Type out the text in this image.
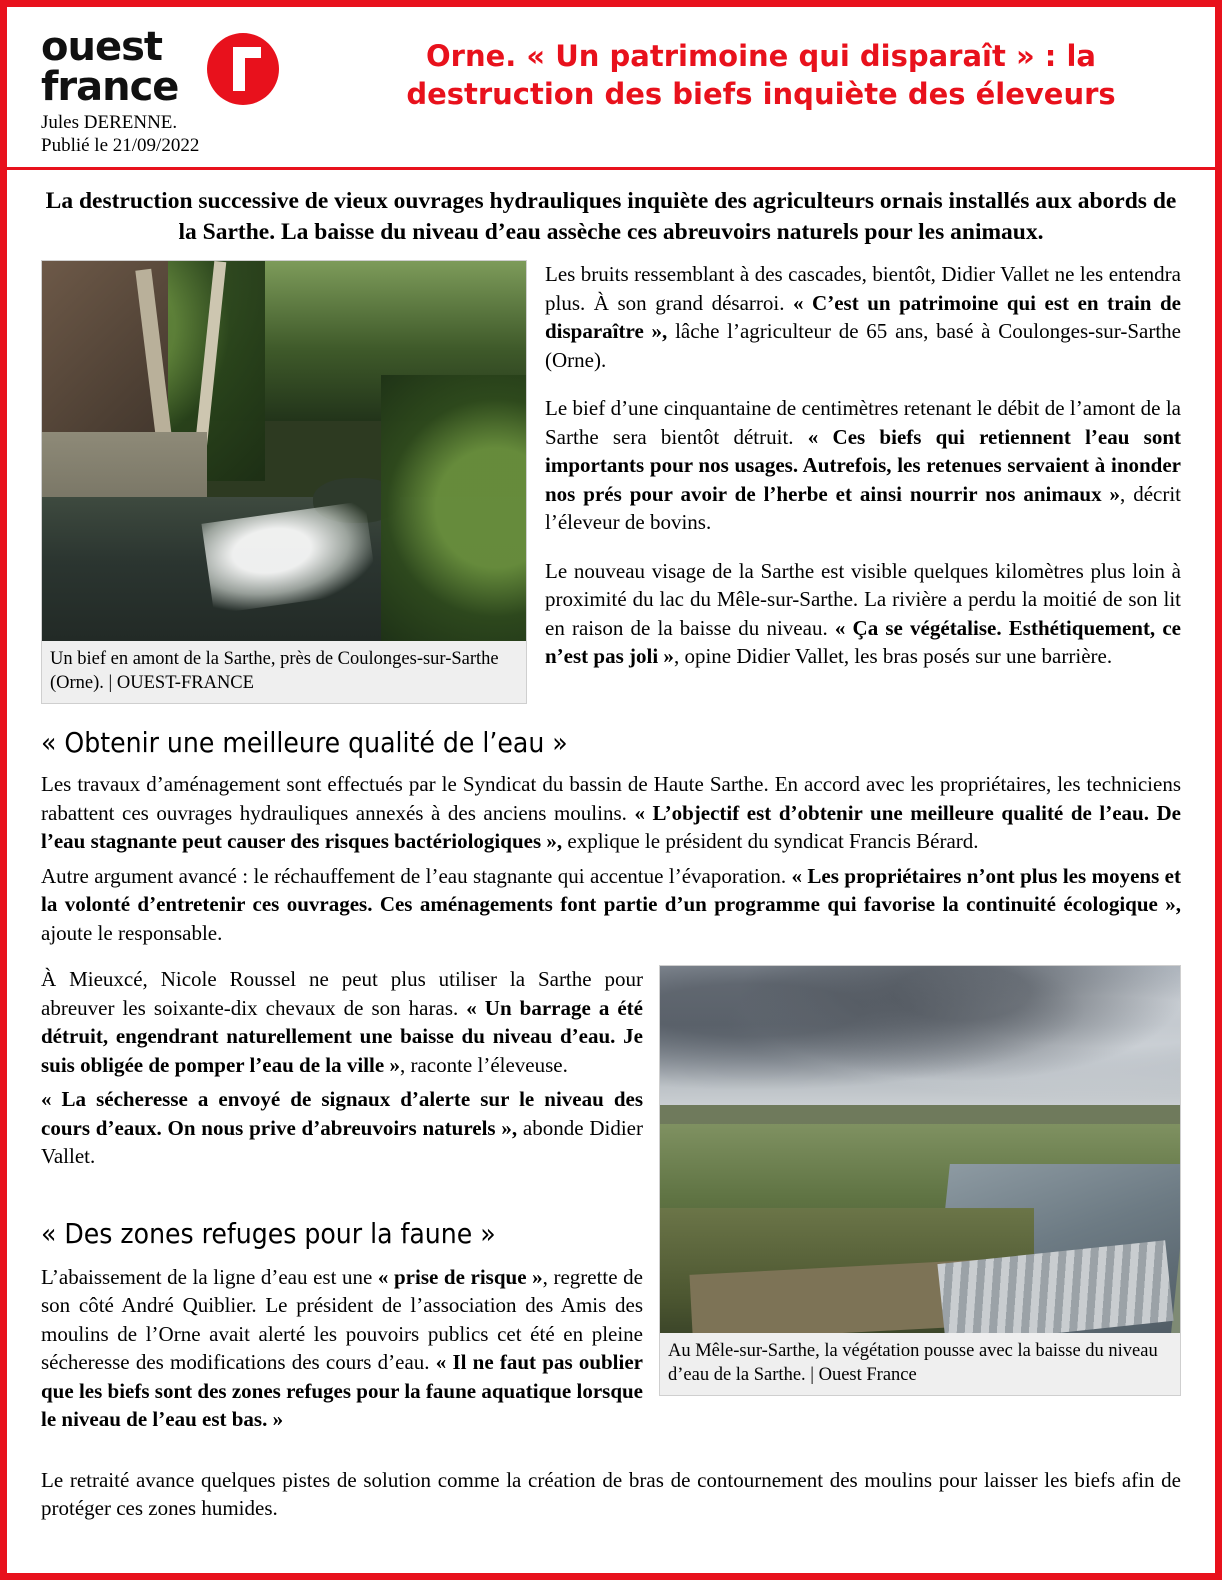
ouest
france
Jules DERENNE.
Publié le 21/09/2022
Orne. « Un patrimoine qui disparaît » : la destruction des biefs inquiète des éleveurs
La destruction successive de vieux ouvrages hydrauliques inquiète des agriculteurs ornais installés aux abords de la Sarthe. La baisse du niveau d’eau assèche ces abreuvoirs naturels pour les animaux.
Un bief en amont de la Sarthe, près de Coulonges-sur-Sarthe (Orne). | OUEST-FRANCE

Les bruits ressemblant à des cascades, bientôt, Didier Vallet ne les entendra plus. À son grand désarroi. « C’est un patrimoine qui est en train de disparaître », lâche l’agriculteur de 65 ans, basé à Coulonges-sur-Sarthe (Orne).

Le bief d’une cinquantaine de centimètres retenant le débit de l’amont de la Sarthe sera bientôt détruit. « Ces biefs qui retiennent l’eau sont importants pour nos usages. Autrefois, les retenues servaient à inonder nos prés pour avoir de l’herbe et ainsi nourrir nos animaux », décrit l’éleveur de bovins.

Le nouveau visage de la Sarthe est visible quelques kilomètres plus loin à proximité du lac du Mêle-sur-Sarthe. La rivière a perdu la moitié de son lit en raison de la baisse du niveau. « Ça se végétalise. Esthétiquement, ce n’est pas joli », opine Didier Vallet, les bras posés sur une barrière.

« Obtenir une meilleure qualité de l’eau »

Les travaux d’aménagement sont effectués par le Syndicat du bassin de Haute Sarthe. En accord avec les propriétaires, les techniciens rabattent ces ouvrages hydrauliques annexés à des anciens moulins. « L’objectif est d’obtenir une meilleure qualité de l’eau. De l’eau stagnante peut causer des risques bactériologiques », explique le président du syndicat Francis Bérard.

Autre argument avancé : le réchauffement de l’eau stagnante qui accentue l’évaporation. « Les propriétaires n’ont plus les moyens et la volonté d’entretenir ces ouvrages. Ces aménagements font partie d’un programme qui favorise la continuité écologique », ajoute le responsable.

À Mieuxcé, Nicole Roussel ne peut plus utiliser la Sarthe pour abreuver les soixante-dix chevaux de son haras. « Un barrage a été détruit, engendrant naturellement une baisse du niveau d’eau. Je suis obligée de pomper l’eau de la ville », raconte l’éleveuse.

« La sécheresse a envoyé de signaux d’alerte sur le niveau des cours d’eaux. On nous prive d’abreuvoirs naturels », abonde Didier Vallet.

« Des zones refuges pour la faune »

L’abaissement de la ligne d’eau est une « prise de risque », regrette de son côté André Quiblier. Le président de l’association des Amis des moulins de l’Orne avait alerté les pouvoirs publics cet été en pleine sécheresse des modifications des cours d’eau. « Il ne faut pas oublier que les biefs sont des zones refuges pour la faune aquatique lorsque le niveau de l’eau est bas. »

Au Mêle-sur-Sarthe, la végétation pousse avec la baisse du niveau d’eau de la Sarthe. | Ouest France
Le retraité avance quelques pistes de solution comme la création de bras de contournement des moulins pour laisser les biefs afin de protéger ces zones humides.
